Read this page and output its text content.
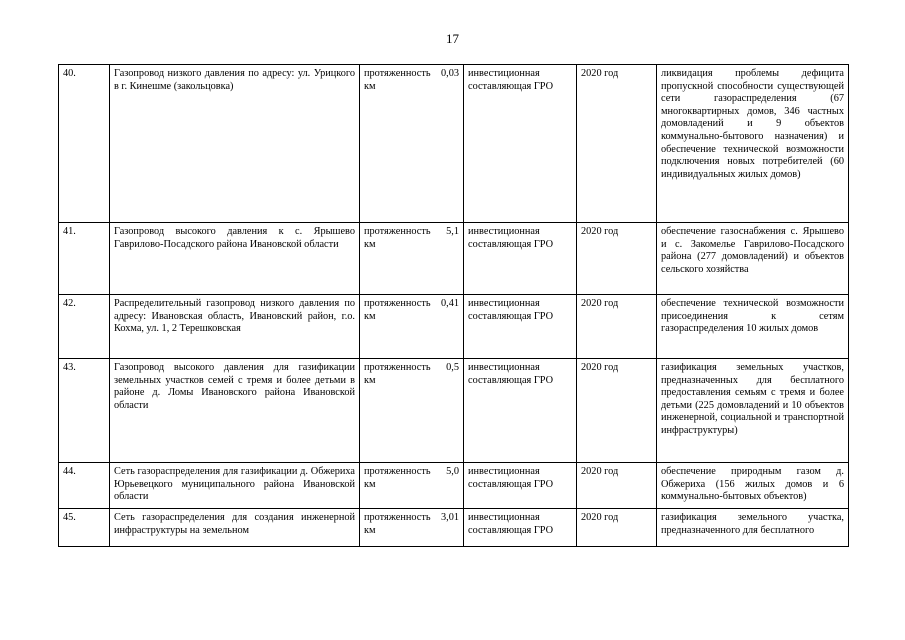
17
40.	Газопровод низкого давления по адресу: ул. Урицкого в г. Кинешме (закольцовка)	протяженность 0,03 км	инвестиционная составляющая ГРО	2020 год	ликвидация проблемы дефицита пропускной способности существующей сети газораспределения (67 многоквартирных домов, 346 частных домовладений и 9 объектов коммунально-бытового назначения) и обеспечение технической возможности подключения новых потребителей (60 индивидуальных жилых домов)
41.	Газопровод высокого давления к с. Ярышево Гаврилово-Посадского района Ивановской области	протяженность 5,1 км	инвестиционная составляющая ГРО	2020 год	обеспечение газоснабжения с. Ярышево и с. Закомелье Гаврилово-Посадского района (277 домовладений) и объектов сельского хозяйства
42.	Распределительный газопровод низкого давления по адресу: Ивановская область, Ивановский район, г.о. Кохма, ул. 1, 2 Терешковская	протяженность 0,41 км	инвестиционная составляющая ГРО	2020 год	обеспечение технической возможности присоединения к сетям газораспределения 10 жилых домов
43.	Газопровод высокого давления для газификации земельных участков семей с тремя и более детьми в районе д. Ломы Ивановского района Ивановской области	протяженность 0,5 км	инвестиционная составляющая ГРО	2020 год	газификация земельных участков, предназначенных для бесплатного предоставления семьям с тремя и более детьми (225 домовладений и 10 объектов инженерной, социальной и транспортной инфраструктуры)
44.	Сеть газораспределения для газификации д. Обжериха Юрьевецкого муниципального района Ивановской области	протяженность 5,0 км	инвестиционная составляющая ГРО	2020 год	обеспечение природным газом д. Обжериха (156 жилых домов и 6 коммунально-бытовых объектов)
45.	Сеть газораспределения для создания инженерной инфраструктуры на земельном	протяженность 3,01 км	инвестиционная составляющая ГРО	2020 год	газификация земельного участка, предназначенного для бесплатного
